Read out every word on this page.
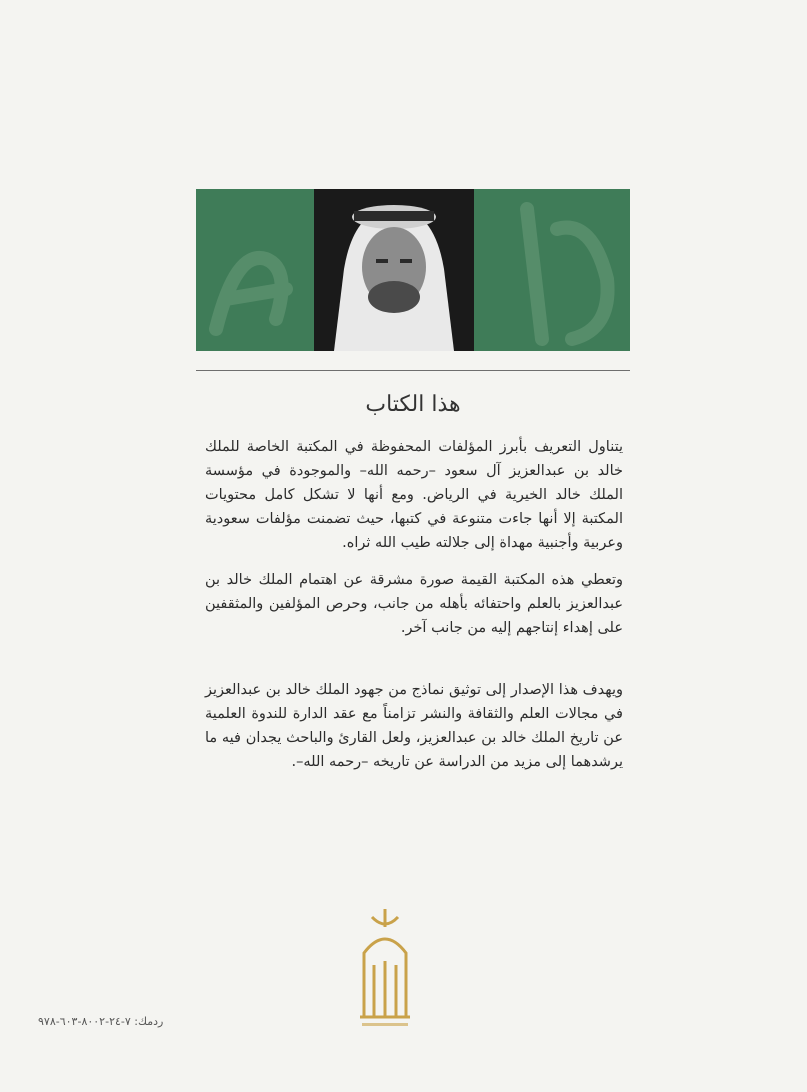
هذا الكتاب

يتناول التعريف بأبرز المؤلفات المحفوظة في المكتبة الخاصة للملك خالد بن عبدالعزيز آل سعود –رحمه الله– والموجودة في مؤسسة الملك خالد الخيرية في الرياض. ومع أنها لا تشكل كامل محتويات المكتبة إلا أنها جاءت متنوعة في كتبها، حيث تضمنت مؤلفات سعودية وعربية وأجنبية مهداة إلى جلالته طيب الله ثراه.

وتعطي هذه المكتبة القيمة صورة مشرقة عن اهتمام الملك خالد بن عبدالعزيز بالعلم واحتفائه بأهله من جانب، وحرص المؤلفين والمثقفين على إهداء إنتاجهم إليه من جانب آخر.

ويهدف هذا الإصدار إلى توثيق نماذج من جهود الملك خالد بن عبدالعزيز في مجالات العلم والثقافة والنشر تزامناً مع عقد الدارة للندوة العلمية عن تاريخ الملك خالد بن عبدالعزيز، ولعل القارئ والباحث يجدان فيه ما يرشدهما إلى مزيد من الدراسة عن تاريخه –رحمه الله–.

ردمك: ٧-٢٤-٨٠٠٢-٦٠٣-٩٧٨
